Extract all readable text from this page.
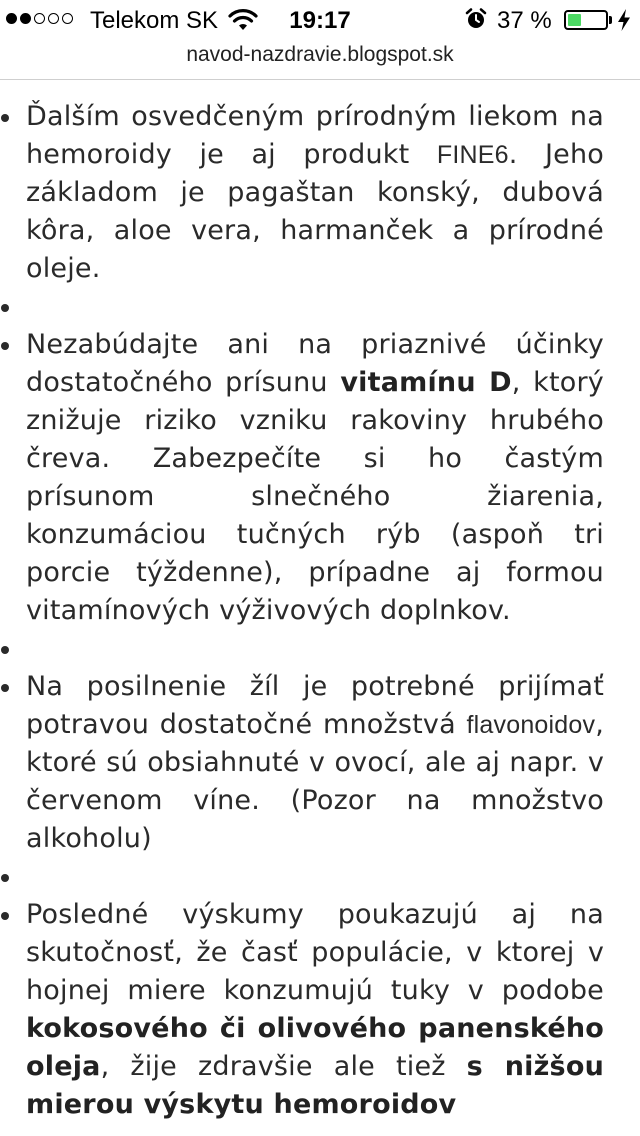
Telekom SK	19:17	37 %
navod-nazdravie.blogspot.sk
Ďalším osvedčeným prírodným liekom na hemoroidy je aj produkt FINE6. Jeho základom je pagaštan konský, dubová kôra, aloe vera, harmanček a prírodné oleje.
Nezabúdajte ani na priaznivé účinky dostatočného prísunu vitamínu D, ktorý znižuje riziko vzniku rakoviny hrubého čreva. Zabezpečíte si ho častým prísunom slnečného žiarenia, konzumáciou tučných rýb (aspoň tri porcie týždenne), prípadne aj formou vitamínových výživových doplnkov.
Na posilnenie žíl je potrebné prijímať potravou dostatočné množstvá flavonoidov, ktoré sú obsiahnuté v ovocí, ale aj napr. v červenom víne. (Pozor na množstvo alkoholu)
Posledné výskumy poukazujú aj na skutočnosť, že časť populácie, v ktorej v hojnej miere konzumujú tuky v podobe kokosového či olivového panenského oleja, žije zdravšie ale tiež s nižšou mierou výskytu hemoroidov
